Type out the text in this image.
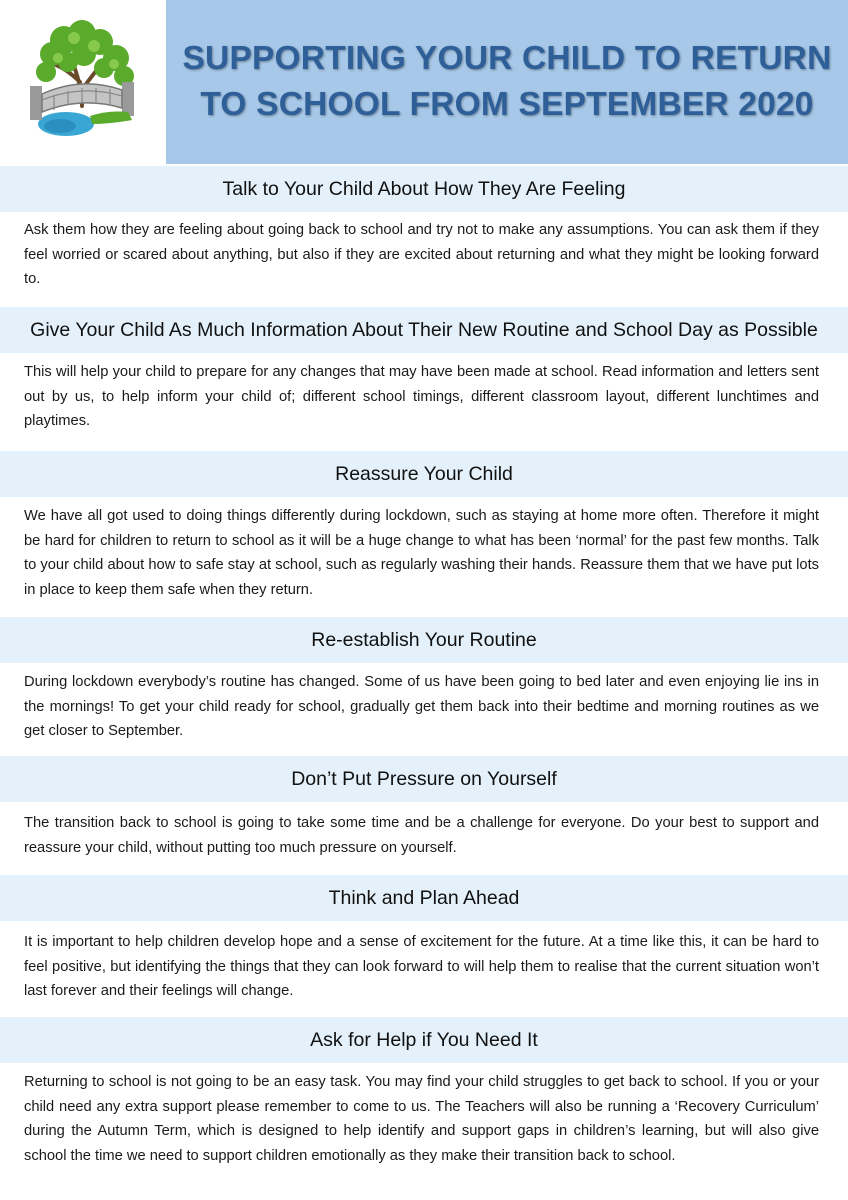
SUPPORTING YOUR CHILD TO RETURN
TO SCHOOL FROM SEPTEMBER 2020
Talk to Your Child About How They Are Feeling

Ask them how they are feeling about going back to school and try not to make any assumptions. You can ask them if they feel worried or scared about anything, but also if they are excited about returning and what they might be looking forward to.

Give Your Child As Much Information About Their New Routine and School Day as Possible

This will help your child to prepare for any changes that may have been made at school. Read information and letters sent out by us, to help inform your child of; different school timings, different classroom layout, different lunchtimes and playtimes.

Reassure Your Child

We have all got used to doing things differently during lockdown, such as staying at home more often. Therefore it might be hard for children to return to school as it will be a huge change to what has been ‘normal’ for the past few months. Talk to your child about how to safe stay at school, such as regularly washing their hands. Reassure them that we have put lots in place to keep them safe when they return.

Re-establish Your Routine

During lockdown everybody’s routine has changed. Some of us have been going to bed later and even enjoying lie ins in the mornings! To get your child ready for school, gradually get them back into their bedtime and morning routines as we get closer to September.

Don’t Put Pressure on Yourself

The transition back to school is going to take some time and be a challenge for everyone. Do your best to support and reassure your child, without putting too much pressure on yourself.

Think and Plan Ahead

It is important to help children develop hope and a sense of excitement for the future. At a time like this, it can be hard to feel positive, but identifying the things that they can look forward to will help them to realise that the current situation won’t last forever and their feelings will change.

Ask for Help if You Need It

Returning to school is not going to be an easy task. You may find your child struggles to get back to school. If you or your child need any extra support please remember to come to us. The Teachers will also be running a ‘Recovery Curriculum’ during the Autumn Term, which is designed to help identify and support gaps in children’s learning, but will also give school the time we need to support children emotionally as they make their transition back to school.
